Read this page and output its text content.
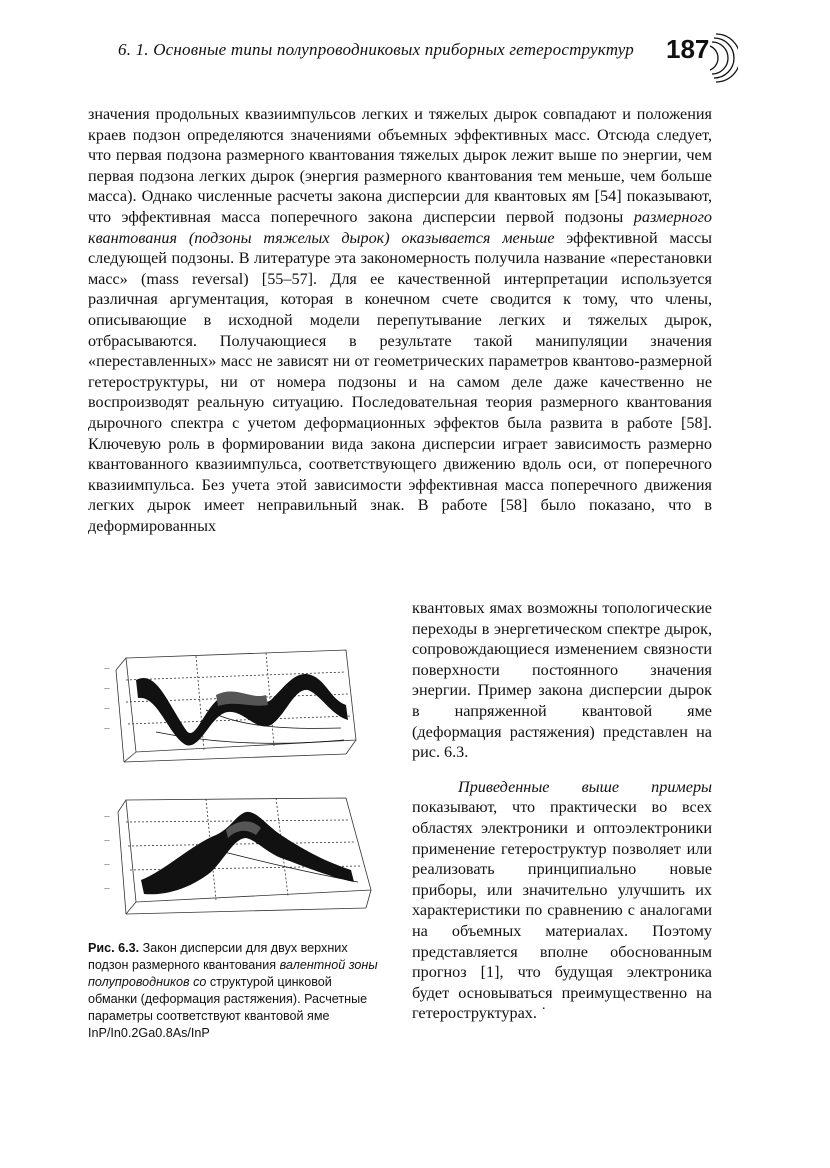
6. 1. Основные типы полупроводниковых приборных гетероструктур 187

значения продольных квазиимпульсов легких и тяжелых дырок совпадают и положения краев подзон определяются значениями объемных эффективных масс. Отсюда следует, что первая подзона размерного квантования тяжелых дырок лежит выше по энергии, чем первая подзона легких дырок (энергия размерного квантования тем меньше, чем больше масса). Однако численные расчеты закона дисперсии для квантовых ям [54] показывают, что эффективная масса поперечного закона дисперсии первой подзоны размерного квантования (подзоны тяжелых дырок) оказывается меньше эффективной массы следующей подзоны. В литературе эта закономерность получила название «перестановки масс» (mass reversal) [55–57]. Для ее качественной интерпретации используется различная аргументация, которая в конечном счете сводится к тому, что члены, описывающие в исходной модели перепутывание легких и тяжелых дырок, отбрасываются. Получающиеся в результате такой манипуляции значения «переставленных» масс не зависят ни от геометрических параметров квантово-размерной гетероструктуры, ни от номера подзоны и на самом деле даже качественно не воспроизводят реальную ситуацию. Последовательная теория размерного квантования дырочного спектра с учетом деформационных эффектов была развита в работе [58]. Ключевую роль в формировании вида закона дисперсии играет зависимость размерно квантованного квазиимпульса, соответствующего движению вдоль оси, от поперечного квазиимпульса. Без учета этой зависимости эффективная масса поперечного движения легких дырок имеет неправильный знак. В работе [58] было показано, что в деформированных

квантовых ямах возможны топологические переходы в энергетическом спектре дырок, сопровождающиеся изменением связности поверхности постоянного значения энергии. Пример закона дисперсии дырок в напряженной квантовой яме (деформация растяжения) представлен на рис. 6.3.

Приведенные выше примеры показывают, что практически во всех областях электроники и оптоэлектроники применение гетероструктур позволяет или реализовать принципиально новые приборы, или значительно улучшить их характеристики по сравнению с аналогами на объемных материалах. Поэтому представляется вполне обоснованным прогноз [1], что будущая электроника будет основываться преимущественно на гетероструктурах. ˙

—
—
—
—
—
—
—
—
Рис. 6.3. Закон дисперсии для двух верхних подзон размерного квантования валентной зоны полупроводников со структурой цинковой обманки (деформация растяжения). Расчетные параметры соответствуют квантовой яме InP/In0.2Ga0.8As/InP
